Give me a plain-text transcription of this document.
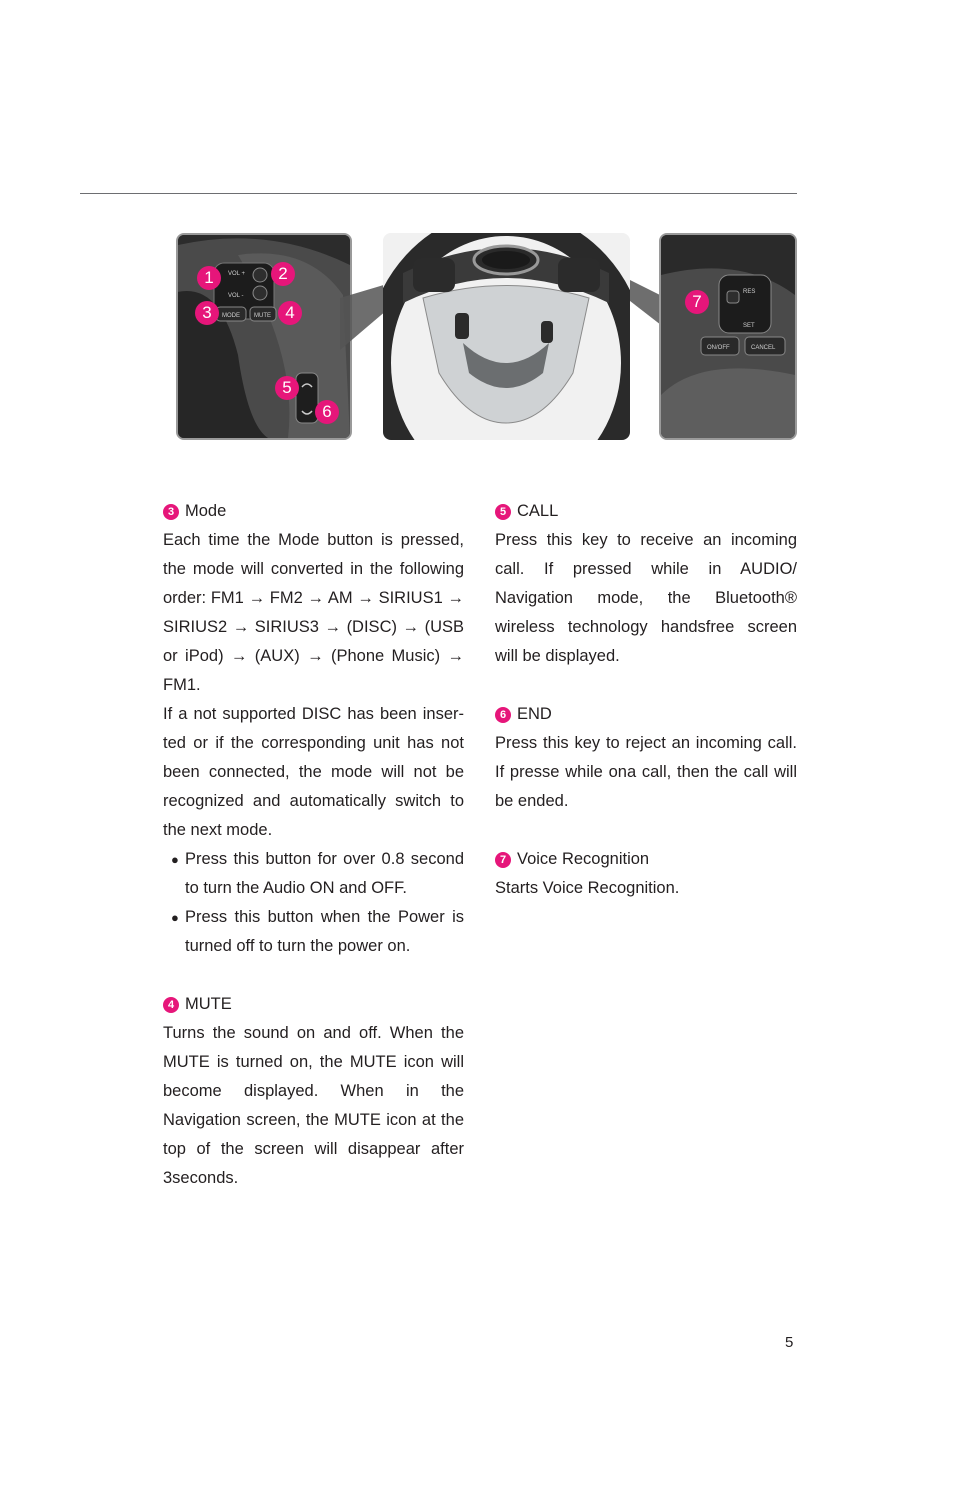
VOL +
VOL -
MODE MUTE
1	2
3	4
5
6
RES
SET
ON/OFF	CANCEL
7
3 Mode

Each time the Mode button is pressed, the mode will converted in the following order: FM1 → FM2 → AM → SIRIUS1 → SIRIUS2 → SIRIUS3 → (DISC) → (USB or iPod) → (AUX) → (Phone Music) → FM1.

If a not supported DISC has been inser-ted or if the corresponding unit has not been connected, the mode will not be recognized and automatically switch to the next mode.

● Press this button for over 0.8 second to turn the Audio ON and OFF.
● Press this button when the Power is turned off to turn the power on.
4 MUTE

Turns the sound on and off. When the MUTE is turned on, the MUTE icon will become displayed. When in the Navigation screen, the MUTE icon at the top of the screen will disappear after 3seconds.

5 CALL

Press this key to receive an incoming call. If pressed while in AUDIO/ Navigation mode, the Bluetooth® wireless technology handsfree screen will be displayed.

6 END

Press this key to reject an incoming call. If presse while ona call, then the call will be ended.

7 Voice Recognition

Starts Voice Recognition.

5
